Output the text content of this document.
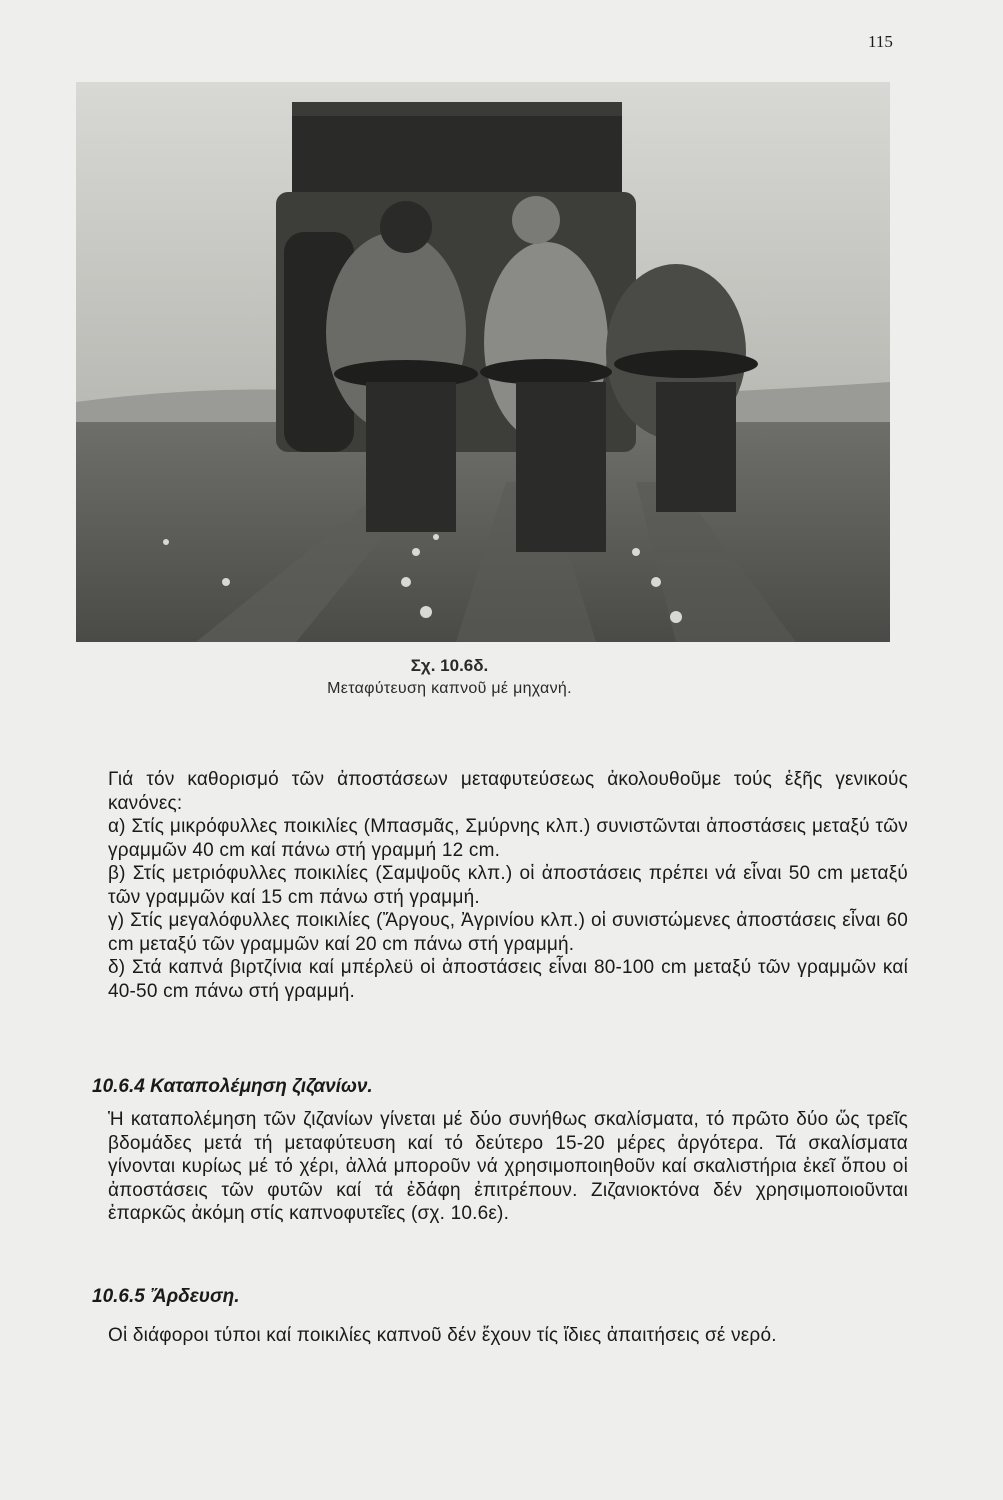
115
Σχ. 10.6δ.
Μεταφύτευση καπνοῦ μέ μηχανή.

Γιά τόν καθορισμό τῶν ἀποστάσεων μεταφυτεύσεως ἀκολουθοῦμε τούς ἑξῆς γενικούς κανόνες:

α) Στίς μικρόφυλλες ποικιλίες (Μπασμᾶς, Σμύρνης κλπ.) συνιστῶνται ἀποστάσεις μεταξύ τῶν γραμμῶν 40 cm καί πάνω στή γραμμή 12 cm.

β) Στίς μετριόφυλλες ποικιλίες (Σαμψοῦς κλπ.) οἱ ἀποστάσεις πρέπει νά εἶναι 50 cm μεταξύ τῶν γραμμῶν καί 15 cm πάνω στή γραμμή.

γ) Στίς μεγαλόφυλλες ποικιλίες (Ἄργους, Ἀγρινίου κλπ.) οἱ συνιστώμενες ἀποστάσεις εἶναι 60 cm μεταξύ τῶν γραμμῶν καί 20 cm πάνω στή γραμμή.

δ) Στά καπνά βιρτζίνια καί μπέρλεϋ οἱ ἀποστάσεις εἶναι 80-100 cm μεταξύ τῶν γραμμῶν καί 40-50 cm πάνω στή γραμμή.

10.6.4 Καταπολέμηση ζιζανίων.
Ἡ καταπολέμηση τῶν ζιζανίων γίνεται μέ δύο συνήθως σκαλίσματα, τό πρῶτο δύο ὥς τρεῖς βδομάδες μετά τή μεταφύτευση καί τό δεύτερο 15-20 μέρες ἀργότερα. Τά σκαλίσματα γίνονται κυρίως μέ τό χέρι, ἀλλά μποροῦν νά χρησιμοποιηθοῦν καί σκαλιστήρια ἐκεῖ ὅπου οἱ ἀποστάσεις τῶν φυτῶν καί τά ἐδάφη ἐπιτρέπουν. Ζιζανιοκτόνα δέν χρησιμοποιοῦνται ἐπαρκῶς ἀκόμη στίς καπνοφυτεῖες (σχ. 10.6ε).
10.6.5 Ἄρδευση.
Οἱ διάφοροι τύποι καί ποικιλίες καπνοῦ δέν ἔχουν τίς ἴδιες ἀπαιτήσεις σέ νερό.
